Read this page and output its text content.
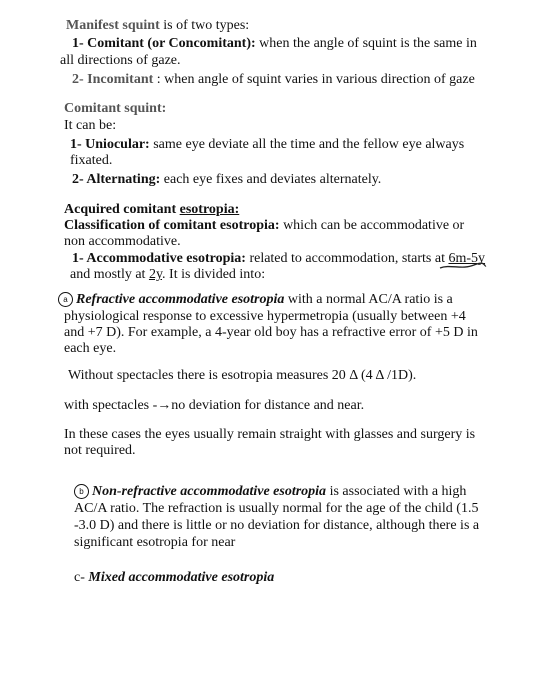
Manifest squint is of two types:
1- Comitant (or Concomitant): when the angle of squint is the same in
all directions of gaze.
2- Incomitant : when angle of squint varies in various direction of gaze
Comitant squint:
It can be:
1- Uniocular: same eye deviate all the time and the fellow eye always
fixated.
2- Alternating: each eye fixes and deviates alternately.
Acquired comitant esotropia:
Classification of comitant esotropia: which can be accommodative or
non accommodative.
1- Accommodative esotropia: related to accommodation, starts at 6m-5y
and mostly at 2y. It is divided into:
a Refractive accommodative esotropia with a normal AC/A ratio is a
physiological response to excessive hypermetropia (usually between +4
and +7 D). For example, a 4-year old boy has a refractive error of +5 D in
each eye.
Without spectacles there is esotropia measures 20 Δ (4 Δ /1D).
with spectacles -→no deviation for distance and near.
In these cases the eyes usually remain straight with glasses and surgery is
not required.
b Non-refractive accommodative esotropia is associated with a high
AC/A ratio. The refraction is usually normal for the age of the child (1.5
-3.0 D) and there is little or no deviation for distance, although there is a
significant esotropia for near
c- Mixed accommodative esotropia
